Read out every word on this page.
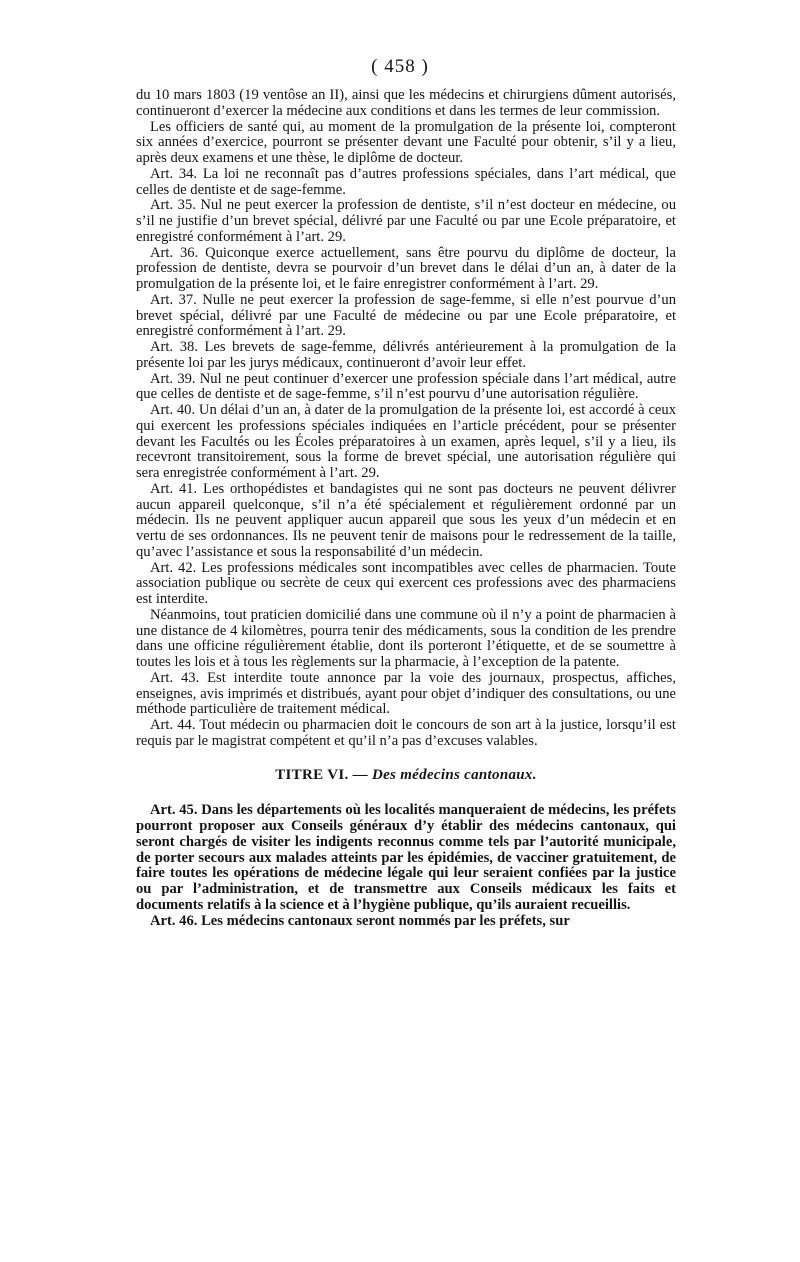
( 458 )

du 10 mars 1803 (19 ventôse an II), ainsi que les médecins et chirurgiens dûment autorisés, continueront d’exercer la médecine aux conditions et dans les termes de leur commission.

Les officiers de santé qui, au moment de la promulgation de la présente loi, compteront six années d’exercice, pourront se présenter devant une Faculté pour obtenir, s’il y a lieu, après deux examens et une thèse, le diplôme de docteur.

Art. 34. La loi ne reconnaît pas d’autres professions spéciales, dans l’art médical, que celles de dentiste et de sage-femme.

Art. 35. Nul ne peut exercer la profession de dentiste, s’il n’est docteur en médecine, ou s’il ne justifie d’un brevet spécial, délivré par une Faculté ou par une Ecole préparatoire, et enregistré conformément à l’art. 29.

Art. 36. Quiconque exerce actuellement, sans être pourvu du diplôme de docteur, la profession de dentiste, devra se pourvoir d’un brevet dans le délai d’un an, à dater de la promulgation de la présente loi, et le faire enregistrer conformément à l’art. 29.

Art. 37. Nulle ne peut exercer la profession de sage-femme, si elle n’est pourvue d’un brevet spécial, délivré par une Faculté de médecine ou par une Ecole préparatoire, et enregistré conformément à l’art. 29.

Art. 38. Les brevets de sage-femme, délivrés antérieurement à la promulgation de la présente loi par les jurys médicaux, continueront d’avoir leur effet.

Art. 39. Nul ne peut continuer d’exercer une profession spéciale dans l’art médical, autre que celles de dentiste et de sage-femme, s’il n’est pourvu d’une autorisation régulière.

Art. 40. Un délai d’un an, à dater de la promulgation de la présente loi, est accordé à ceux qui exercent les professions spéciales indiquées en l’article précédent, pour se présenter devant les Facultés ou les Écoles préparatoires à un examen, après lequel, s’il y a lieu, ils recevront transitoirement, sous la forme de brevet spécial, une autorisation régulière qui sera enregistrée conformément à l’art. 29.

Art. 41. Les orthopédistes et bandagistes qui ne sont pas docteurs ne peuvent délivrer aucun appareil quelconque, s’il n’a été spécialement et régulièrement ordonné par un médecin. Ils ne peuvent appliquer aucun appareil que sous les yeux d’un médecin et en vertu de ses ordonnances. Ils ne peuvent tenir de maisons pour le redressement de la taille, qu’avec l’assistance et sous la responsabilité d’un médecin.

Art. 42. Les professions médicales sont incompatibles avec celles de pharmacien. Toute association publique ou secrète de ceux qui exercent ces professions avec des pharmaciens est interdite.

Néanmoins, tout praticien domicilié dans une commune où il n’y a point de pharmacien à une distance de 4 kilomètres, pourra tenir des médicaments, sous la condition de les prendre dans une officine régulièrement établie, dont ils porteront l’étiquette, et de se soumettre à toutes les lois et à tous les règlements sur la pharmacie, à l’exception de la patente.

Art. 43. Est interdite toute annonce par la voie des journaux, prospectus, affiches, enseignes, avis imprimés et distribués, ayant pour objet d’indiquer des consultations, ou une méthode particulière de traitement médical.

Art. 44. Tout médecin ou pharmacien doit le concours de son art à la justice, lorsqu’il est requis par le magistrat compétent et qu’il n’a pas d’excuses valables.

TITRE VI. — Des médecins cantonaux.

Art. 45. Dans les départements où les localités manqueraient de médecins, les préfets pourront proposer aux Conseils généraux d’y établir des médecins cantonaux, qui seront chargés de visiter les indigents reconnus comme tels par l’autorité municipale, de porter secours aux malades atteints par les épidémies, de vacciner gratuitement, de faire toutes les opérations de médecine légale qui leur seraient confiées par la justice ou par l’administration, et de transmettre aux Conseils médicaux les faits et documents relatifs à la science et à l’hygiène publique, qu’ils auraient recueillis.

Art. 46. Les médecins cantonaux seront nommés par les préfets, sur
